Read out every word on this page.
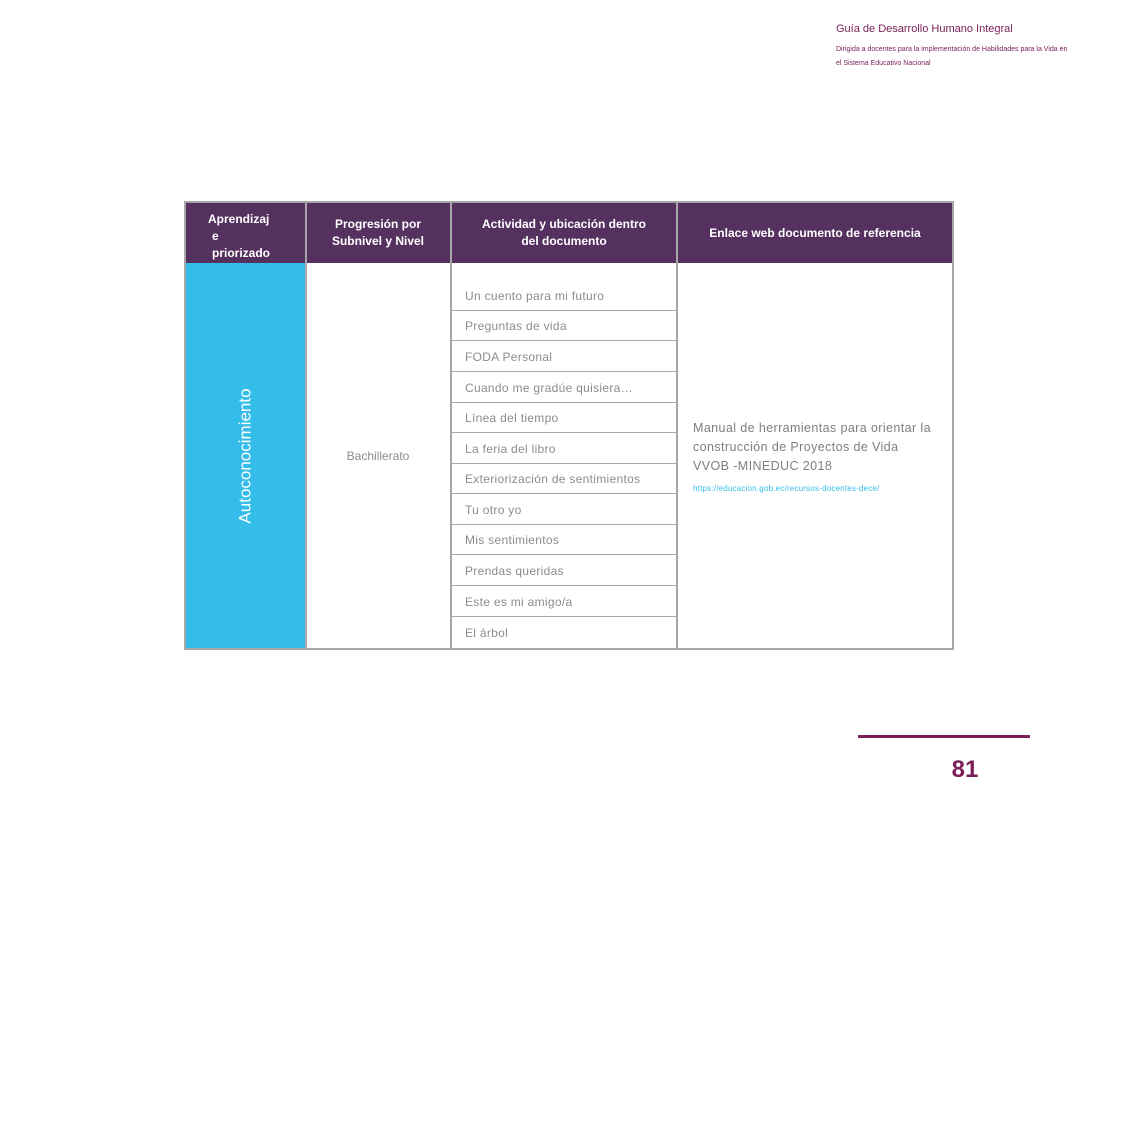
Guía de Desarrollo Humano Integral
Dirigida a docentes para la implementación de Habilidades para la Vida en el Sistema Educativo Nacional
Aprendizaj
e
priorizado
Progresión por
Subnivel y Nivel
Actividad y ubicación dentro
del documento
Enlace web documento de referencia
Autoconocimiento	Bachillerato
Un cuento para mi futuro
Preguntas de vida
FODA Personal
Cuando me gradúe quisiera…
Línea del tiempo
La feria del libro
Exteriorización de sentimientos
Tu otro yo
Mis sentimientos
Prendas queridas
Este es mi amigo/a
El árbol
Manual de herramientas para orientar la construcción de Proyectos de Vida VVOB -MINEDUC 2018
https://educacion.gob.ec/recursos-docentes-dece/
81
